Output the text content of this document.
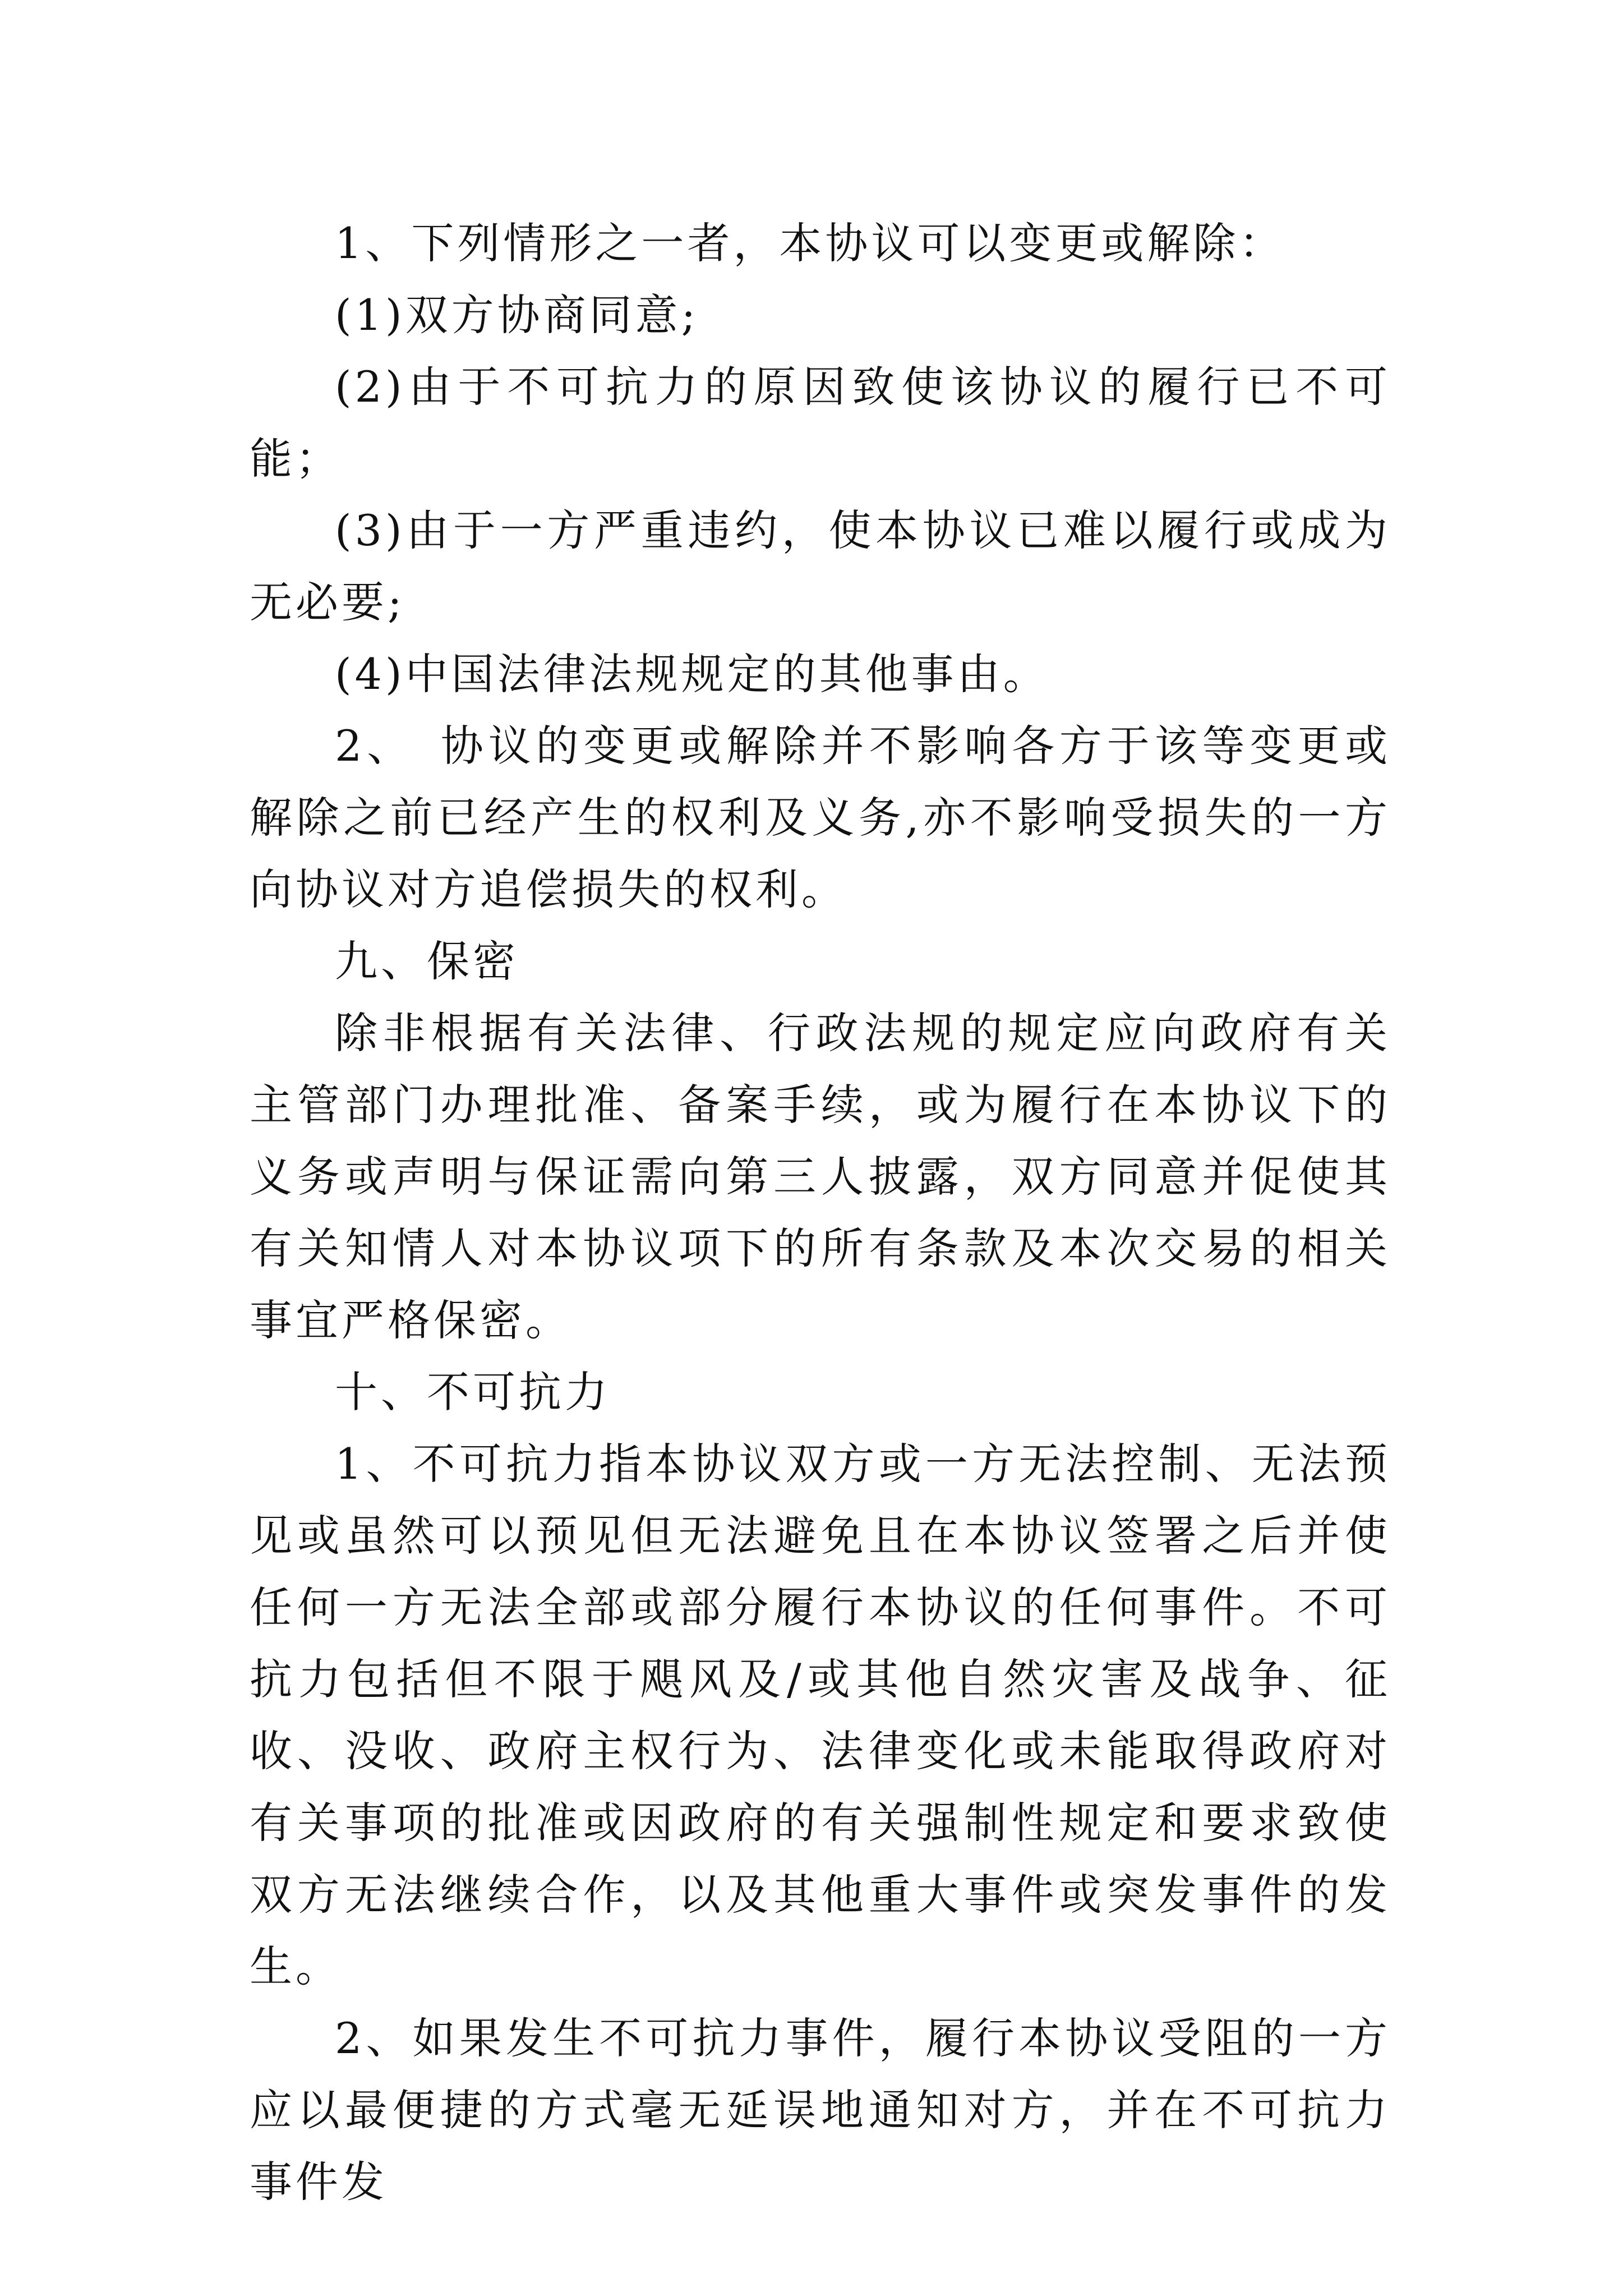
1、下列情形之一者，本协议可以变更或解除：

(1)双方协商同意;

(2)由于不可抗力的原因致使该协议的履行已不可能；

(3)由于一方严重违约，使本协议已难以履行或成为无必要;

(4)中国法律法规规定的其他事由。

2、　协议的变更或解除并不影响各方于该等变更或解除之前已经产生的权利及义务,亦不影响受损失的一方向协议对方追偿损失的权利。

九、保密

除非根据有关法律、行政法规的规定应向政府有关主管部门办理批准、备案手续，或为履行在本协议下的义务或声明与保证需向第三人披露，双方同意并促使其有关知情人对本协议项下的所有条款及本次交易的相关事宜严格保密。

十、不可抗力

1、不可抗力指本协议双方或一方无法控制、无法预见或虽然可以预见但无法避免且在本协议签署之后并使任何一方无法全部或部分履行本协议的任何事件。不可抗力包括但不限于飓风及/或其他自然灾害及战争、征收、没收、政府主权行为、法律变化或未能取得政府对有关事项的批准或因政府的有关强制性规定和要求致使双方无法继续合作，以及其他重大事件或突发事件的发生。

2、如果发生不可抗力事件，履行本协议受阻的一方应以最便捷的方式毫无延误地通知对方，并在不可抗力事件发
